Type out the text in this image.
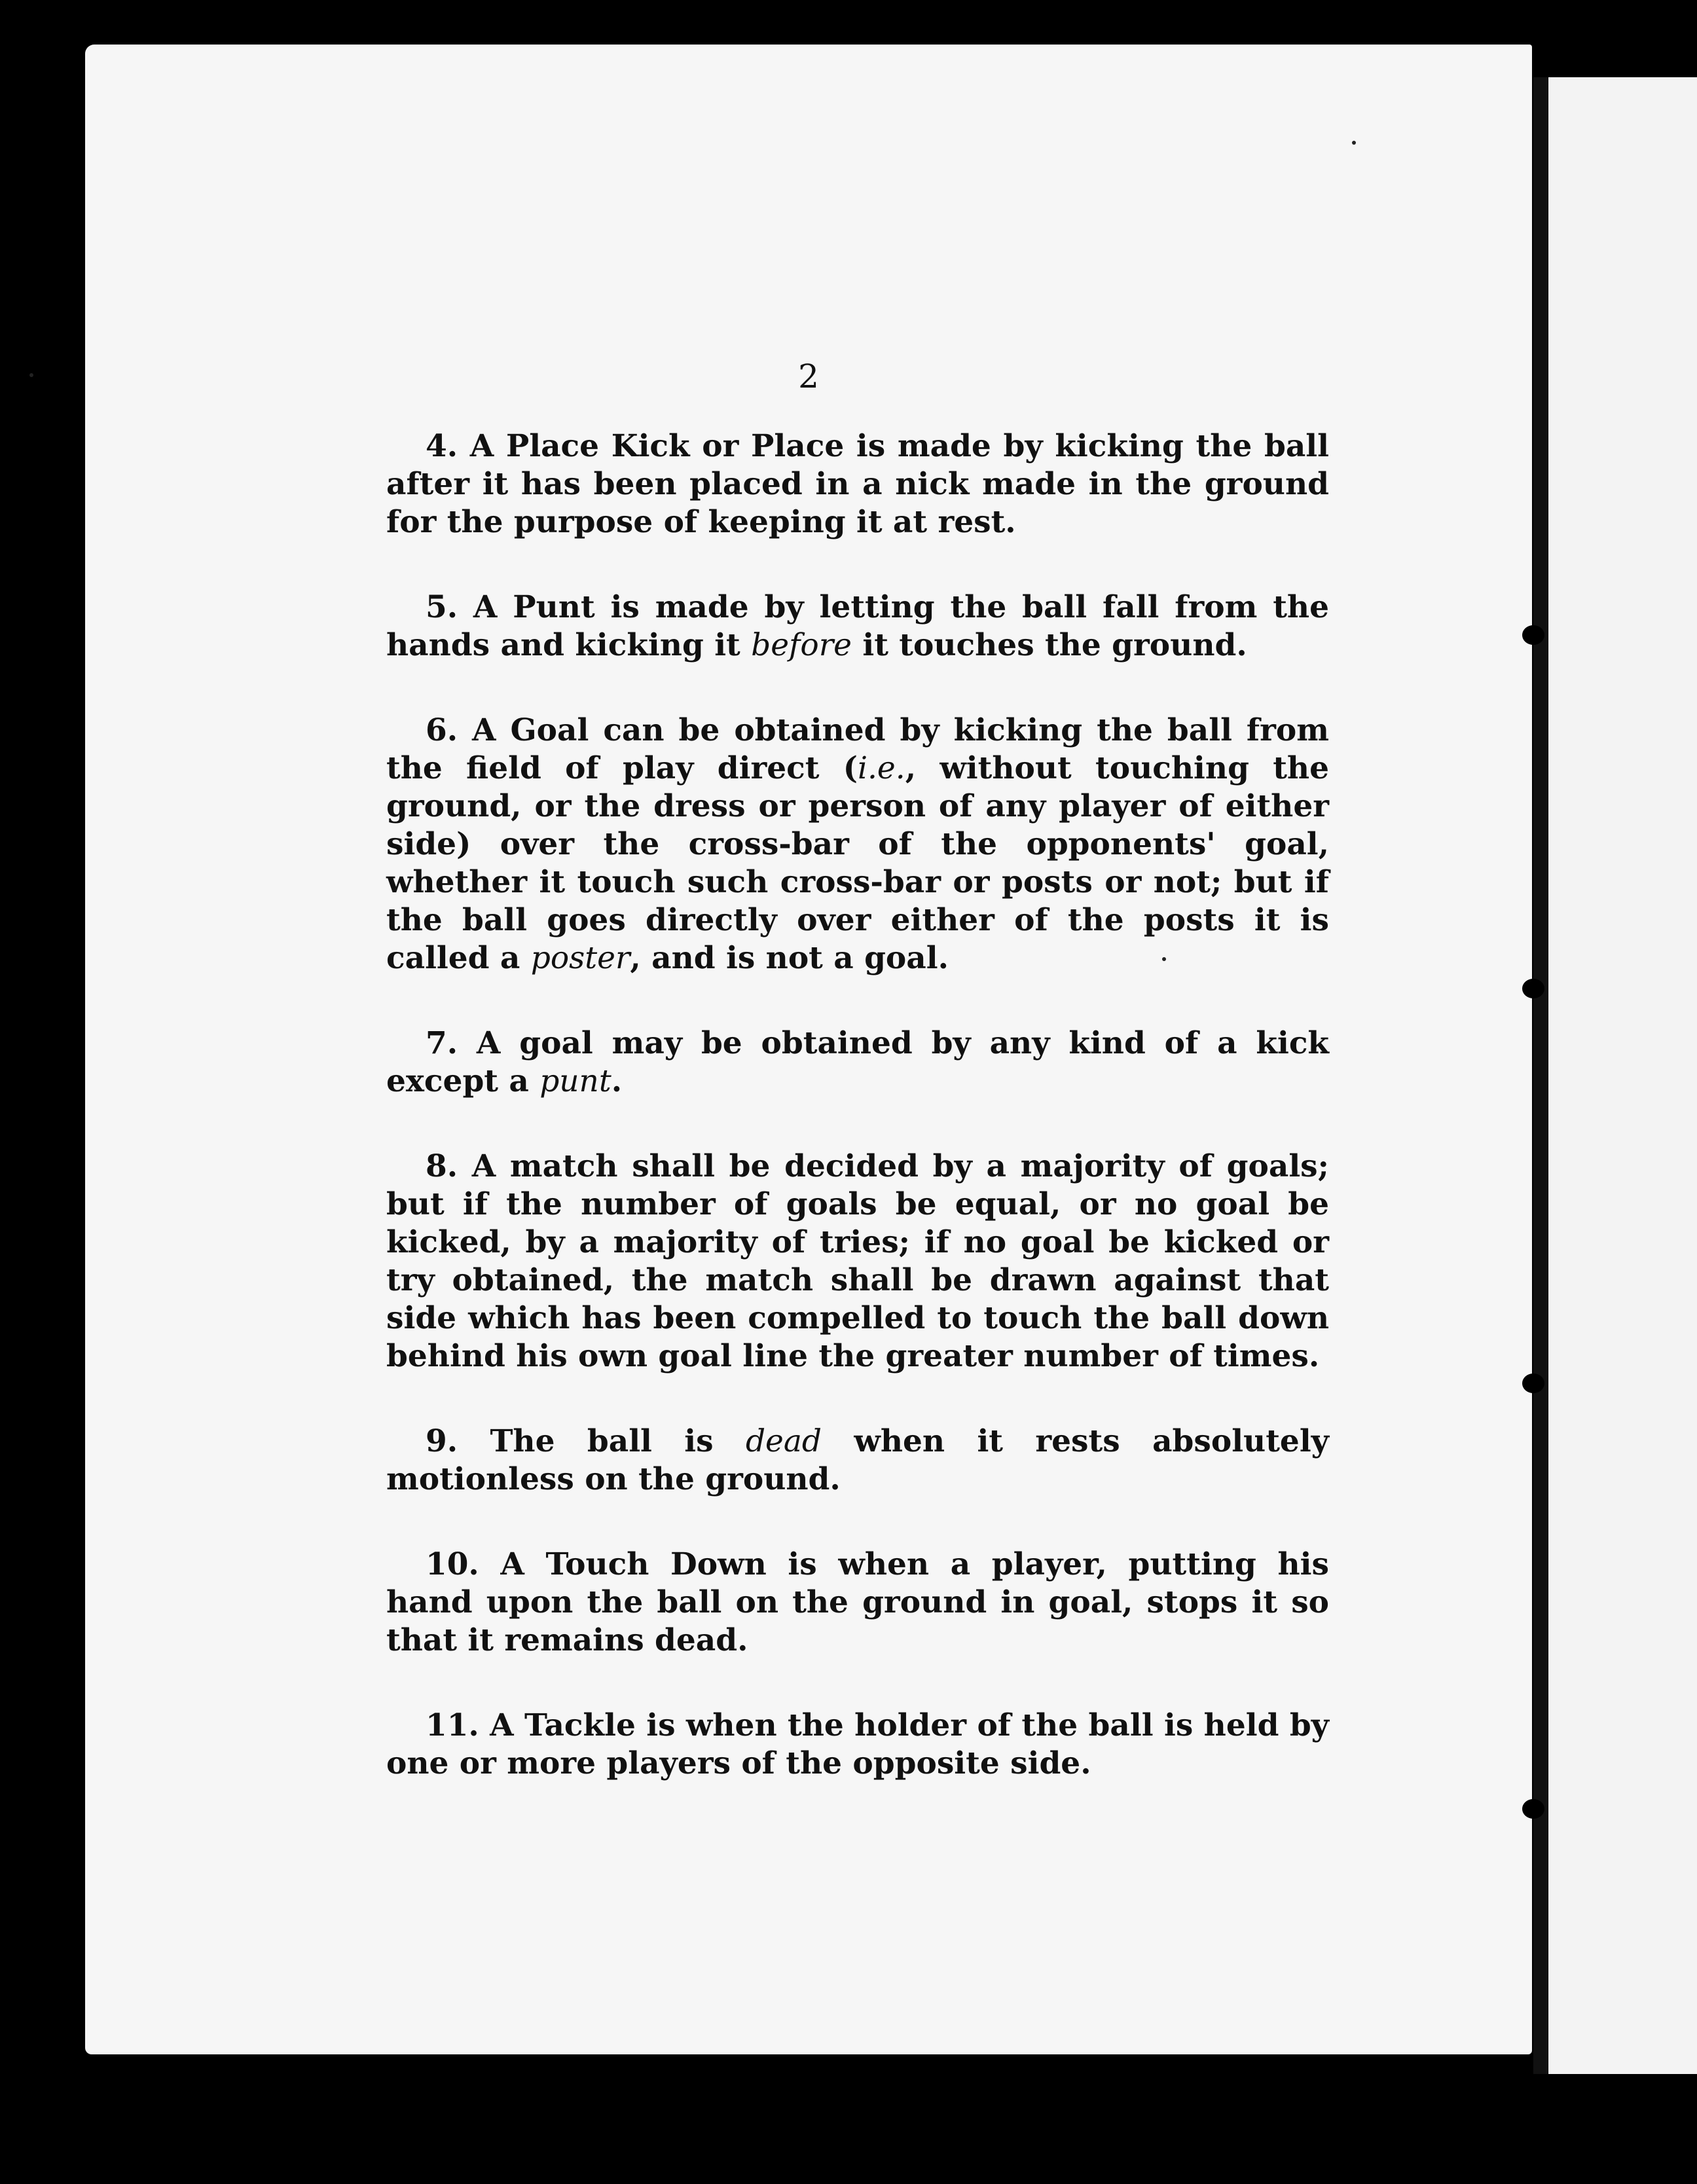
2

4. A Place Kick or Place is made by kicking the ball after it has been placed in a nick made in the ground for the purpose of keeping it at rest.

5. A Punt is made by letting the ball fall from the hands and kicking it before it touches the ground.

6. A Goal can be obtained by kicking the ball from the field of play direct (i.e., without touching the ground, or the dress or person of any player of either side) over the cross-bar of the opponents' goal, whether it touch such cross-bar or posts or not; but if the ball goes directly over either of the posts it is called a poster, and is not a goal.

7. A goal may be obtained by any kind of a kick except a punt.

8. A match shall be decided by a majority of goals; but if the number of goals be equal, or no goal be kicked, by a majority of tries; if no goal be kicked or try obtained, the match shall be drawn against that side which has been compelled to touch the ball down behind his own goal line the greater number of times.

9. The ball is dead when it rests absolutely motionless on the ground.

10. A Touch Down is when a player, putting his hand upon the ball on the ground in goal, stops it so that it remains dead.

11. A Tackle is when the holder of the ball is held by one or more players of the opposite side.
